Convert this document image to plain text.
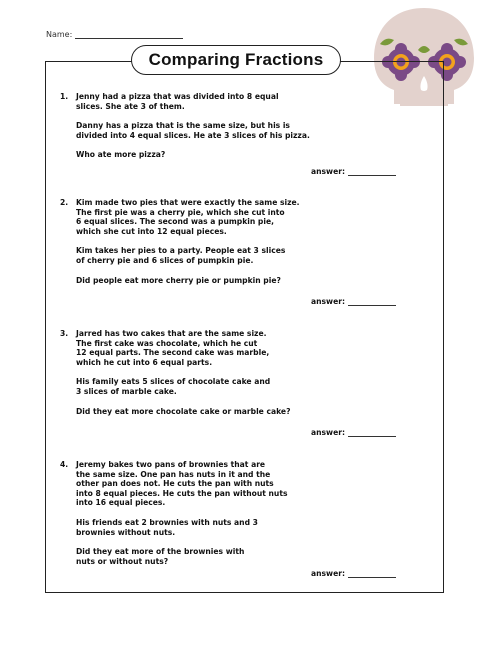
Name:
Comparing Fractions
1. Jenny had a pizza that was divided into 8 equal
slices. She ate 3 of them.

Danny has a pizza that is the same size, but his is
divided into 4 equal slices. He ate 3 slices of his pizza.

Who ate more pizza?

answer:
2. Kim made two pies that were exactly the same size.
The first pie was a cherry pie, which she cut into
6 equal slices. The second was a pumpkin pie,
which she cut into 12 equal pieces.

Kim takes her pies to a party. People eat 3 slices
of cherry pie and 6 slices of pumpkin pie.

Did people eat more cherry pie or pumpkin pie?

answer:
3. Jarred has two cakes that are the same size.
The first cake was chocolate, which he cut
12 equal parts. The second cake was marble,
which he cut into 6 equal parts.

His family eats 5 slices of chocolate cake and
3 slices of marble cake.

Did they eat more chocolate cake or marble cake?

answer:
4. Jeremy bakes two pans of brownies that are
the same size. One pan has nuts in it and the
other pan does not. He cuts the pan with nuts
into 8 equal pieces. He cuts the pan without nuts
into 16 equal pieces.

His friends eat 2 brownies with nuts and 3
brownies without nuts.

Did they eat more of the brownies with
nuts or without nuts?

answer:
